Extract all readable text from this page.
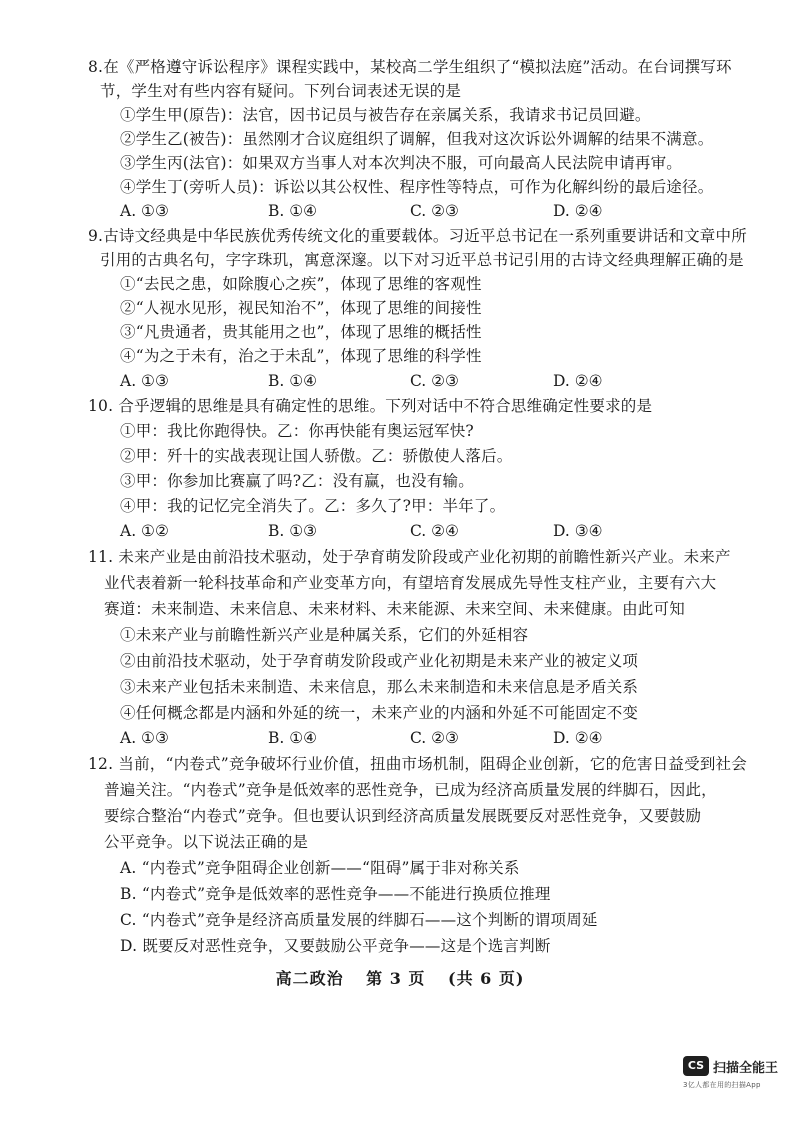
8.在《严格遵守诉讼程序》课程实践中，某校高二学生组织了“模拟法庭”活动。在台词撰写环
节，学生对有些内容有疑问。下列台词表述无误的是
①学生甲(原告)：法官，因书记员与被告存在亲属关系，我请求书记员回避。
②学生乙(被告)：虽然刚才合议庭组织了调解，但我对这次诉讼外调解的结果不满意。
③学生丙(法官)：如果双方当事人对本次判决不服，可向最高人民法院申请再审。
④学生丁(旁听人员)：诉讼以其公权性、程序性等特点，可作为化解纠纷的最后途径。
A. ①③	B. ①④	C. ②③	D. ②④
9.古诗文经典是中华民族优秀传统文化的重要载体。习近平总书记在一系列重要讲话和文章中所
引用的古典名句，字字珠玑，寓意深邃。以下对习近平总书记引用的古诗文经典理解正确的是
①“去民之患，如除腹心之疾”，体现了思维的客观性
②“人视水见形，视民知治不”，体现了思维的间接性
③“凡贵通者，贵其能用之也”，体现了思维的概括性
④“为之于未有，治之于未乱”，体现了思维的科学性
A. ①③	B. ①④	C. ②③	D. ②④
10. 合乎逻辑的思维是具有确定性的思维。下列对话中不符合思维确定性要求的是
①甲：我比你跑得快。乙：你再快能有奥运冠军快?
②甲：歼十的实战表现让国人骄傲。乙：骄傲使人落后。
③甲：你参加比赛赢了吗?乙：没有赢，也没有输。
④甲：我的记忆完全消失了。乙：多久了?甲：半年了。
A. ①②	B. ①③	C. ②④	D. ③④
11. 未来产业是由前沿技术驱动，处于孕育萌发阶段或产业化初期的前瞻性新兴产业。未来产
业代表着新一轮科技革命和产业变革方向，有望培育发展成先导性支柱产业，主要有六大
赛道：未来制造、未来信息、未来材料、未来能源、未来空间、未来健康。由此可知
①未来产业与前瞻性新兴产业是种属关系，它们的外延相容
②由前沿技术驱动，处于孕育萌发阶段或产业化初期是未来产业的被定义项
③未来产业包括未来制造、未来信息，那么未来制造和未来信息是矛盾关系
④任何概念都是内涵和外延的统一，未来产业的内涵和外延不可能固定不变
A. ①③	B. ①④	C. ②③	D. ②④
12. 当前，“内卷式”竞争破坏行业价值，扭曲市场机制，阻碍企业创新，它的危害日益受到社会
普遍关注。“内卷式”竞争是低效率的恶性竞争，已成为经济高质量发展的绊脚石，因此，
要综合整治“内卷式”竞争。但也要认识到经济高质量发展既要反对恶性竞争，又要鼓励
公平竞争。以下说法正确的是
A. “内卷式”竞争阻碍企业创新——“阻碍”属于非对称关系
B. “内卷式”竞争是低效率的恶性竞争——不能进行换质位推理
C. “内卷式”竞争是经济高质量发展的绊脚石——这个判断的谓项周延
D. 既要反对恶性竞争，又要鼓励公平竞争——这是个选言判断
高二政治 第 3 页 (共 6 页)
CS 扫描全能王
3亿人都在用的扫描App
